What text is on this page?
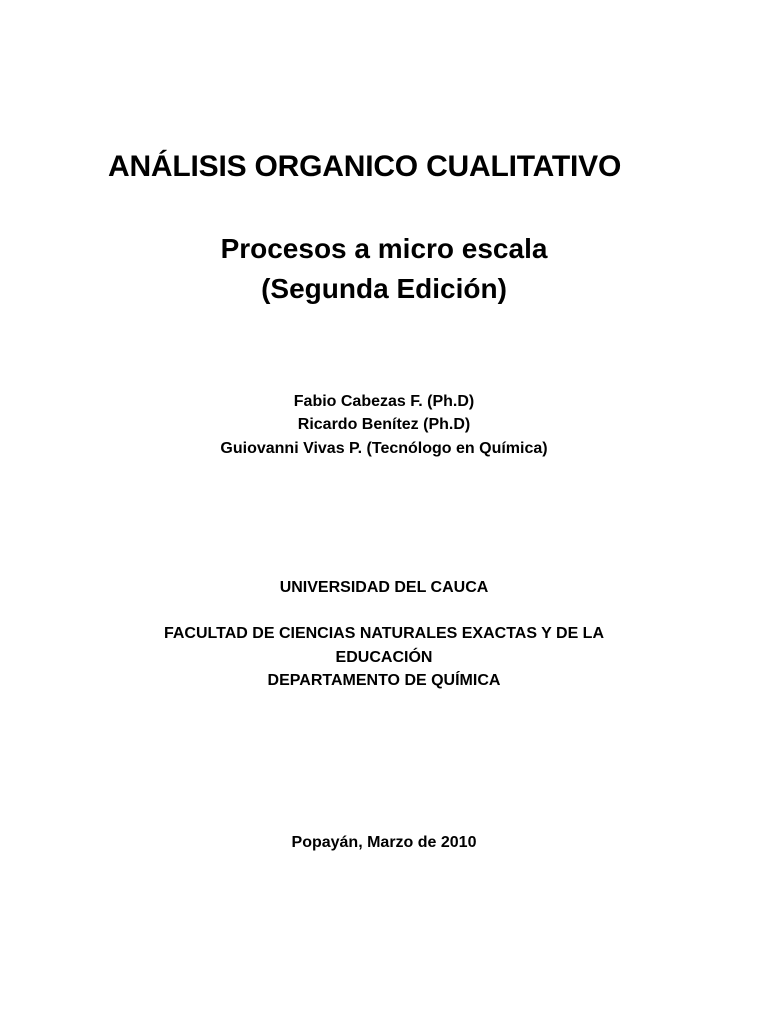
ANÁLISIS ORGANICO CUALITATIVO
Procesos a micro escala
(Segunda Edición)
Fabio Cabezas F. (Ph.D)
Ricardo Benítez (Ph.D)
Guiovanni Vivas P. (Tecnólogo en Química)
UNIVERSIDAD DEL CAUCA
FACULTAD DE CIENCIAS NATURALES EXACTAS Y DE LA
EDUCACIÓN
DEPARTAMENTO DE QUÍMICA
Popayán, Marzo de 2010
